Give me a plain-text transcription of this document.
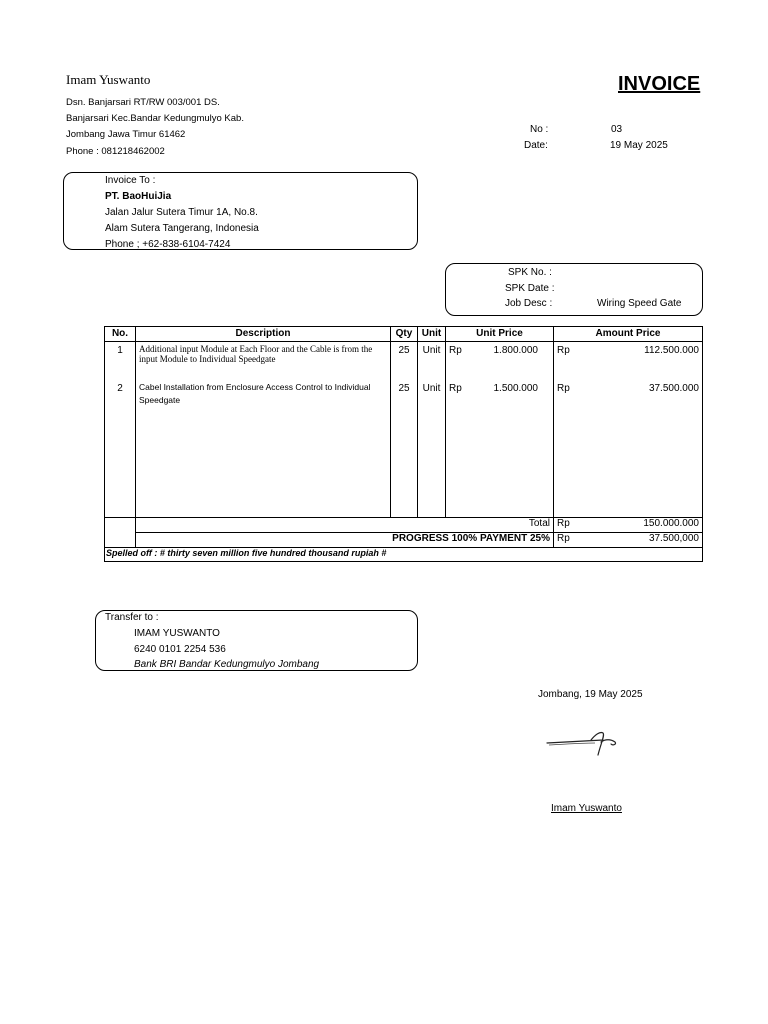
Imam Yuswanto
Dsn. Banjarsari RT/RW 003/001 DS.
Banjarsari Kec.Bandar Kedungmulyo Kab.
Jombang Jawa Timur 61462
Phone : 081218462002
INVOICE
No :	03
Date:	19 May 2025
Invoice To :
PT. BaoHuiJia
Jalan Jalur Sutera Timur 1A, No.8.
Alam Sutera Tangerang, Indonesia
Phone ; +62-838-6104-7424
SPK No. :
SPK Date :
Job Desc :	Wiring Speed Gate
No.	Description	Qty	Unit	Unit Price	Amount Price
1	Additional input Module at Each Floor and the Cable is from the input Module to Individual Speedgate	25	Unit	Rp 1.800.000	Rp 112.500.000

2	Cabel Installation from Enclosure Access Control to Individual Speedgate	25	Unit	Rp 1.500.000	Rp 37.500.000

	Total				Rp 150.000.000

	PROGRESS 100% PAYMENT 25%				Rp 37.500,000

Spelled off : # thirty seven million five hundred thousand rupiah #					
Transfer to :
IMAM YUSWANTO
6240 0101 2254 536
Bank BRI Bandar Kedungmulyo Jombang
Jombang, 19 May 2025
Imam Yuswanto
